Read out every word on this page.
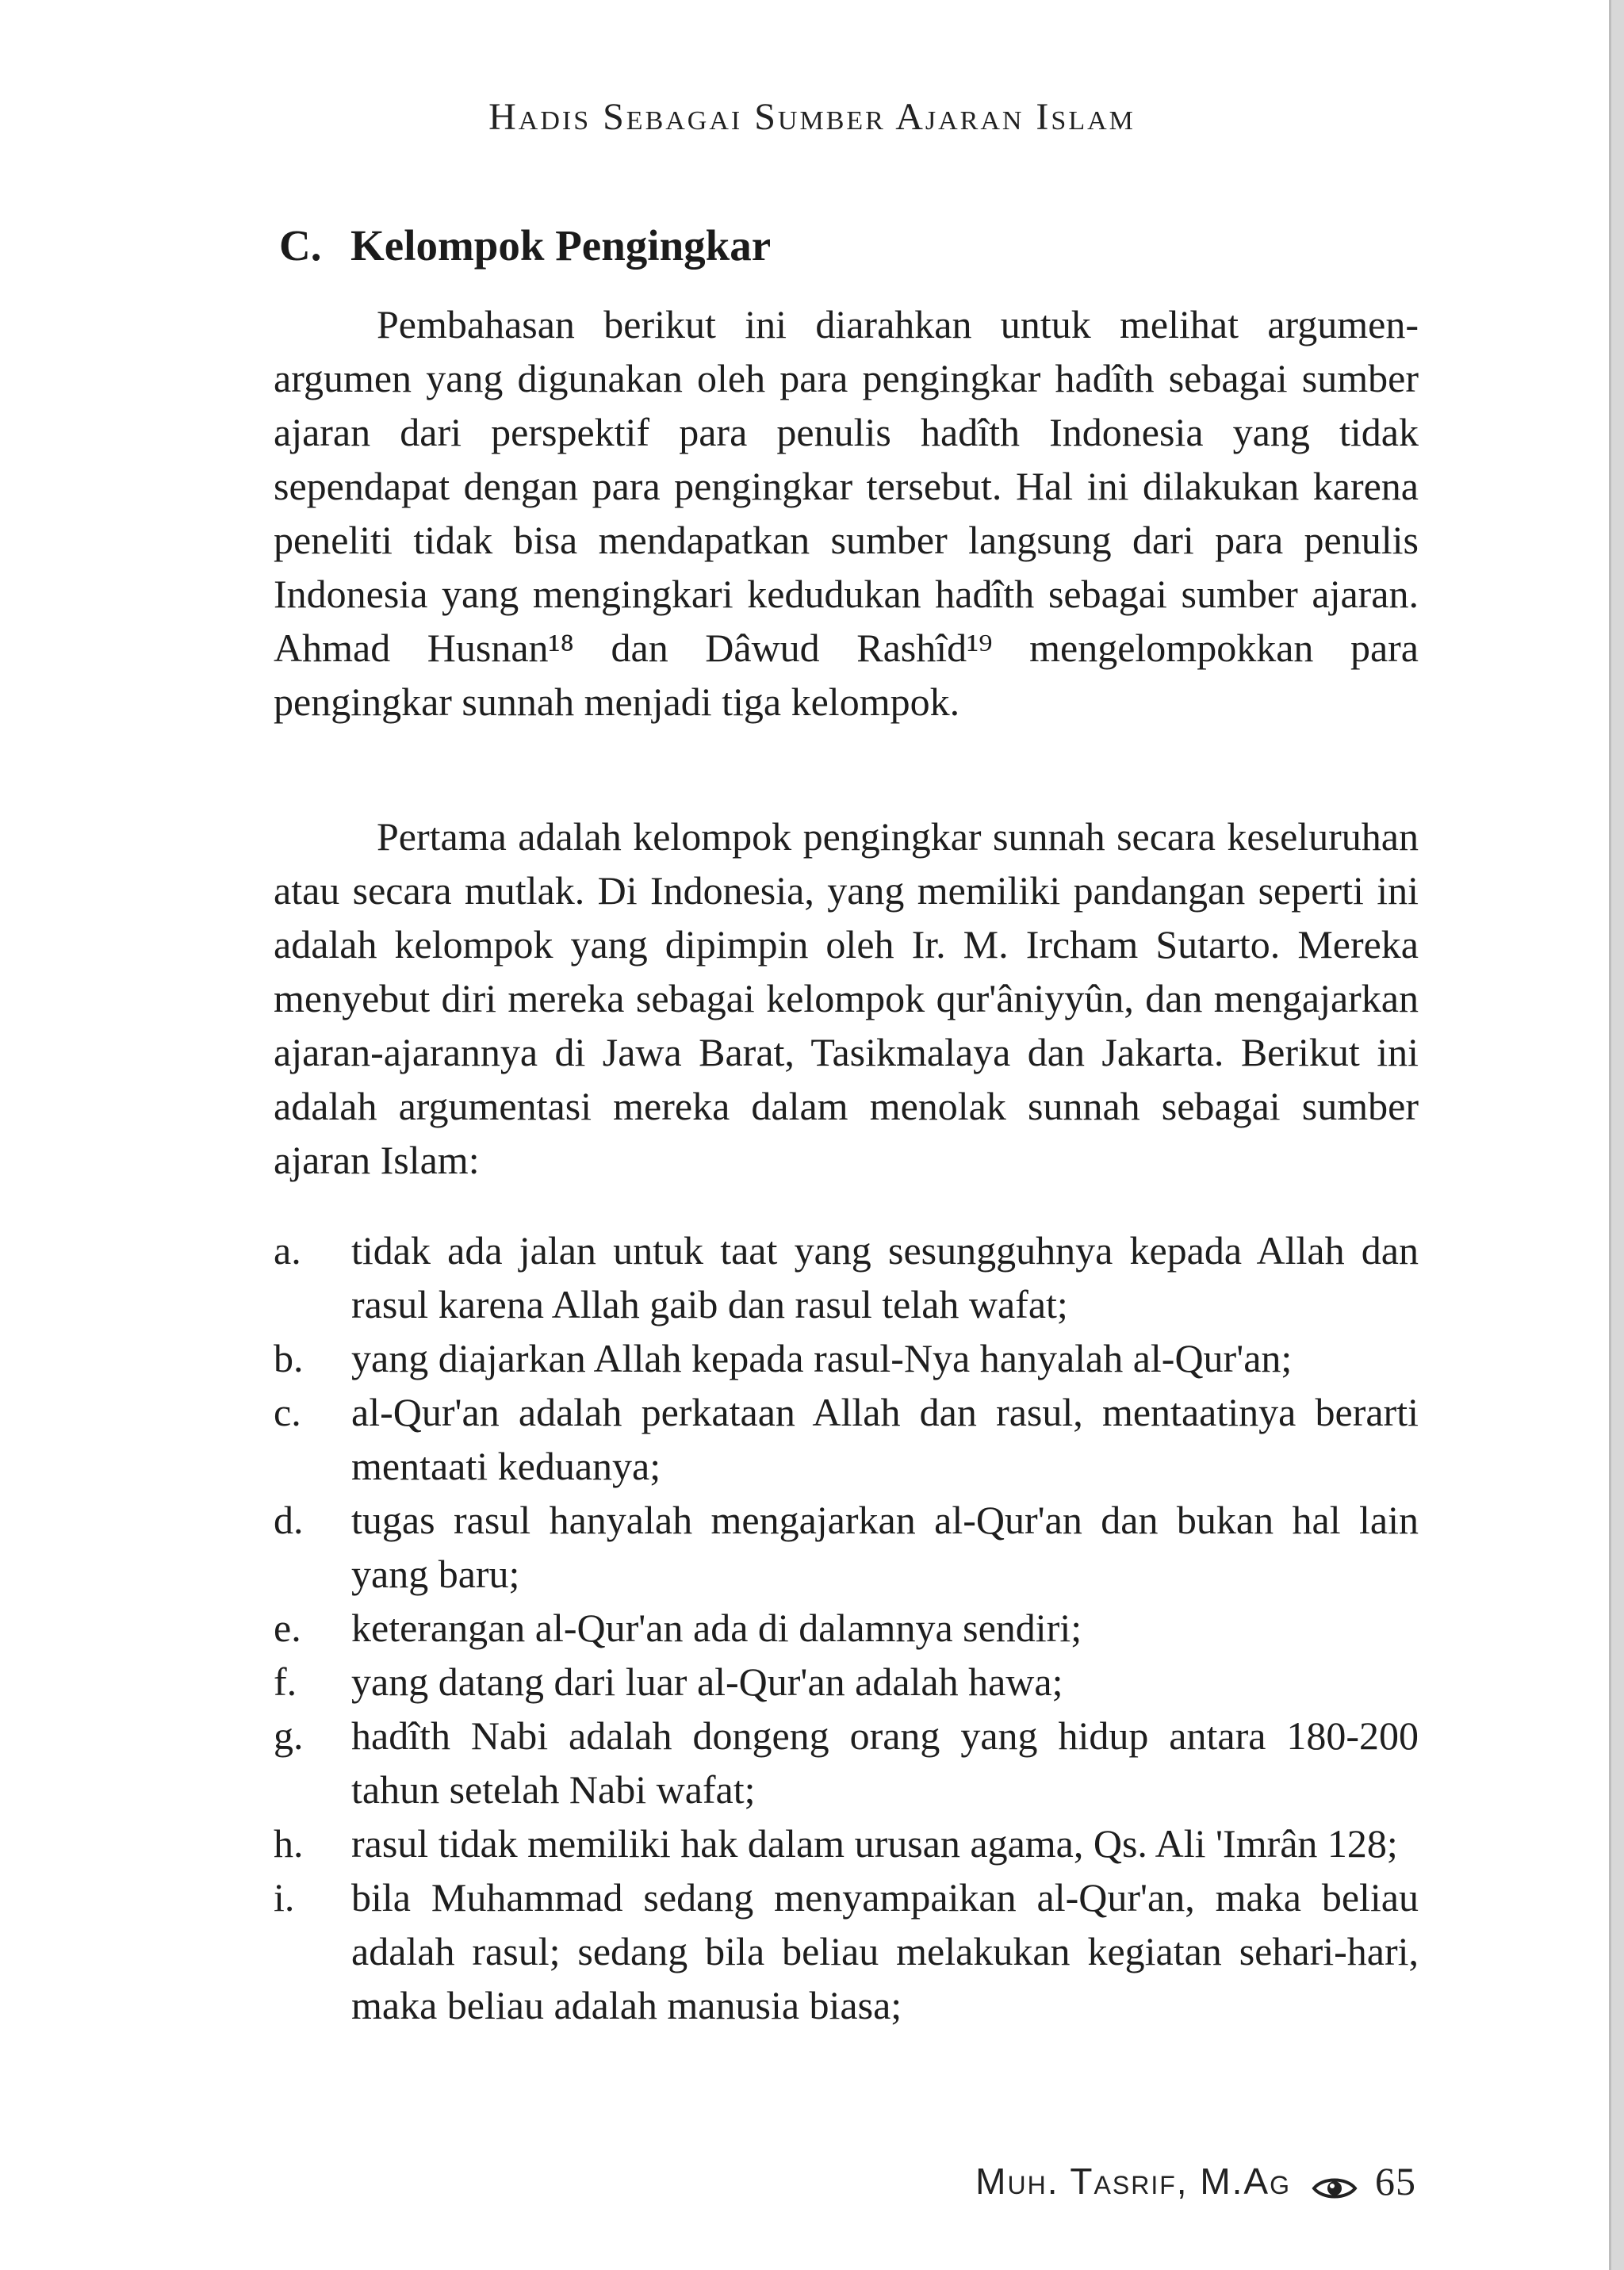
Hadis Sebagai Sumber Ajaran Islam
C. Kelompok Pengingkar

Pembahasan berikut ini diarahkan untuk melihat argumen-argumen yang digunakan oleh para pengingkar hadîth sebagai sumber ajaran dari perspektif para penulis hadîth Indonesia yang tidak sependapat dengan para pengingkar tersebut. Hal ini dilakukan karena peneliti tidak bisa mendapatkan sumber langsung dari para penulis Indonesia yang mengingkari kedudukan hadîth sebagai sumber ajaran. Ahmad Husnan¹⁸ dan Dâwud Rashîd¹⁹ mengelompokkan para pengingkar sunnah menjadi tiga kelompok.

Pertama adalah kelompok pengingkar sunnah secara keseluruhan atau secara mutlak. Di Indonesia, yang memiliki pandangan seperti ini adalah kelompok yang dipimpin oleh Ir. M. Ircham Sutarto. Mereka menyebut diri mereka sebagai kelompok qur'âniyyûn, dan mengajarkan ajaran-ajarannya di Jawa Barat, Tasikmalaya dan Jakarta. Berikut ini adalah argumentasi mereka dalam menolak sunnah sebagai sumber ajaran Islam:

a.	tidak ada jalan untuk taat yang sesungguhnya kepada Allah dan rasul karena Allah gaib dan rasul telah wafat;
b.	yang diajarkan Allah kepada rasul-Nya hanyalah al-Qur'an;
c.	al-Qur'an adalah perkataan Allah dan rasul, mentaatinya berarti mentaati keduanya;
d.	tugas rasul hanyalah mengajarkan al-Qur'an dan bukan hal lain yang baru;
e.	keterangan al-Qur'an ada di dalamnya sendiri;
f.	yang datang dari luar al-Qur'an adalah hawa;
g.	hadîth Nabi adalah dongeng orang yang hidup antara 180-200 tahun setelah Nabi wafat;
h.	rasul tidak memiliki hak dalam urusan agama, Qs. Ali 'Imrân 128;
i.	bila Muhammad sedang menyampaikan al-Qur'an, maka beliau adalah rasul; sedang bila beliau melakukan kegiatan sehari-hari, maka beliau adalah manusia biasa;
Muh. Tasrif, M.Ag 65
